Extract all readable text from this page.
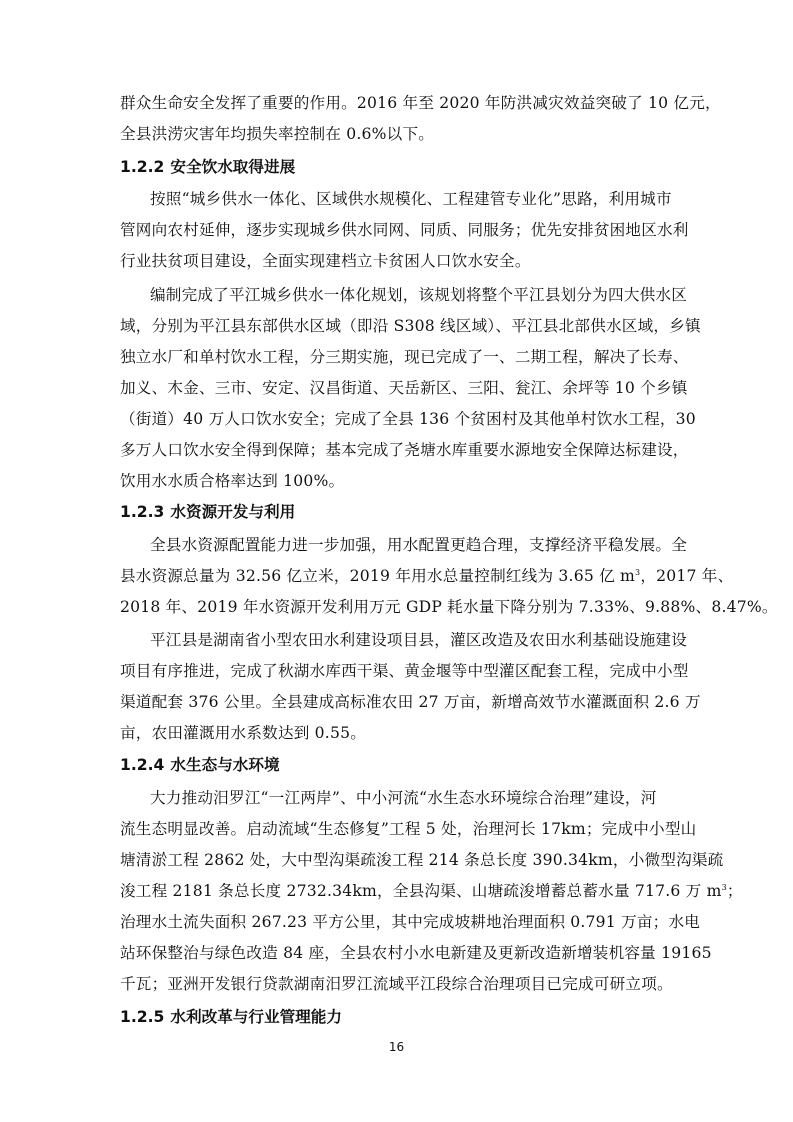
群众生命安全发挥了重要的作用。2016 年至 2020 年防洪减灾效益突破了 10 亿元，
全县洪涝灾害年均损失率控制在 0.6%以下。
1.2.2 安全饮水取得进展
按照“城乡供水一体化、区域供水规模化、工程建管专业化”思路，利用城市
管网向农村延伸，逐步实现城乡供水同网、同质、同服务；优先安排贫困地区水利
行业扶贫项目建设，全面实现建档立卡贫困人口饮水安全。
编制完成了平江城乡供水一体化规划，该规划将整个平江县划分为四大供水区
域，分别为平江县东部供水区域（即沿 S308 线区域）、平江县北部供水区域，乡镇
独立水厂和单村饮水工程，分三期实施，现已完成了一、二期工程，解决了长寿、
加义、木金、三市、安定、汉昌街道、天岳新区、三阳、瓮江、余坪等 10 个乡镇
（街道）40 万人口饮水安全；完成了全县 136 个贫困村及其他单村饮水工程，30
多万人口饮水安全得到保障；基本完成了尧塘水库重要水源地安全保障达标建设，
饮用水水质合格率达到 100%。
1.2.3 水资源开发与利用
全县水资源配置能力进一步加强，用水配置更趋合理，支撑经济平稳发展。全
县水资源总量为 32.56 亿立米，2019 年用水总量控制红线为 3.65 亿 $m^3$，2017 年、
2018 年、2019 年水资源开发利用万元 GDP 耗水量下降分别为 7.33%、9.88%、8.47%。
平江县是湖南省小型农田水利建设项目县，灌区改造及农田水利基础设施建设
项目有序推进，完成了秋湖水库西干渠、黄金堰等中型灌区配套工程，完成中小型
渠道配套 376 公里。全县建成高标准农田 27 万亩，新增高效节水灌溉面积 2.6 万
亩，农田灌溉用水系数达到 0.55。
1.2.4 水生态与水环境
大力推动汨罗江“一江两岸”、中小河流“水生态水环境综合治理”建设，河
流生态明显改善。启动流域“生态修复”工程 5 处，治理河长 17km；完成中小型山
塘清淤工程 2862 处，大中型沟渠疏浚工程 214 条总长度 390.34km，小微型沟渠疏
浚工程 2181 条总长度 2732.34km，全县沟渠、山塘疏浚增蓄总蓄水量 717.6 万 $m^3$；
治理水土流失面积 267.23 平方公里，其中完成坡耕地治理面积 0.791 万亩；水电
站环保整治与绿色改造 84 座，全县农村小水电新建及更新改造新增装机容量 19165
千瓦；亚洲开发银行贷款湖南汨罗江流域平江段综合治理项目已完成可研立项。
1.2.5 水利改革与行业管理能力
16
